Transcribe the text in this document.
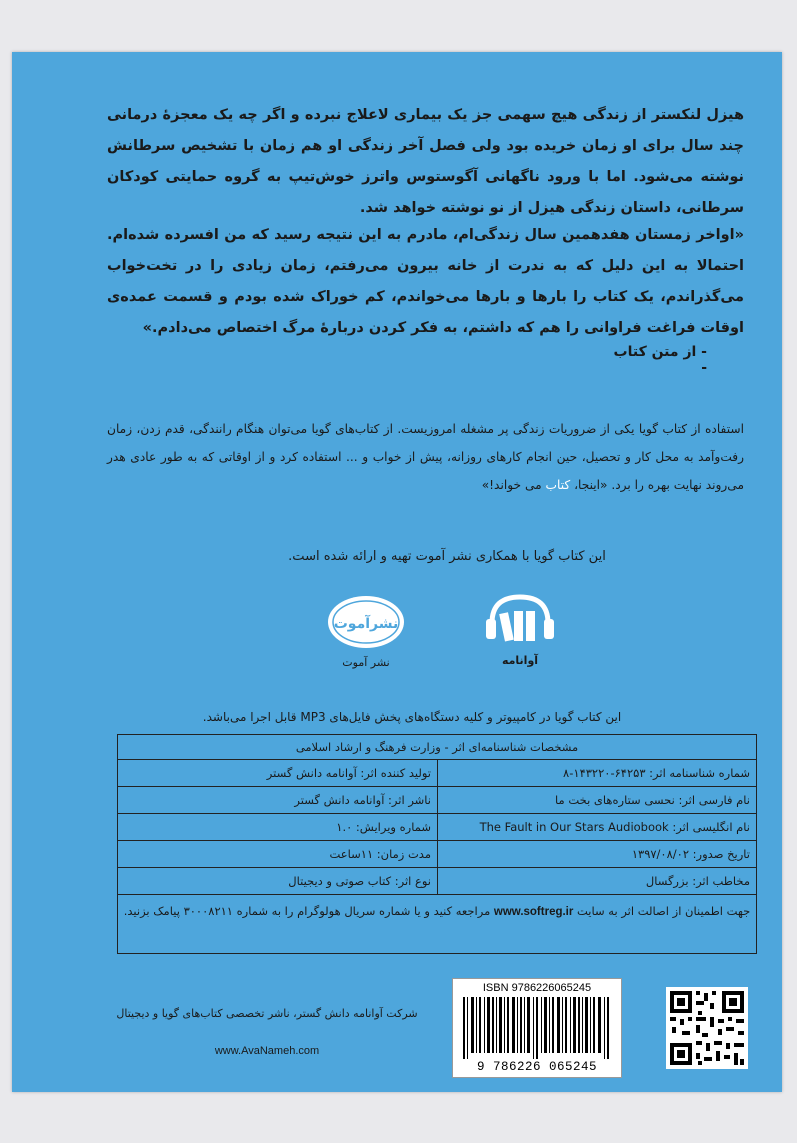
هیزل لنکستر از زندگی هیچ سهمی جز یک بیماری لاعلاج نبرده و اگر چه یک معجزهٔ درمانی چند سال برای او زمان خریده بود ولی فصل آخر زندگی او هم زمان با تشخیص سرطانش نوشته می‌شود. اما با ورود ناگهانی آگوستوس واترز خوش‌تیپ به گروه حمایتی کودکان سرطانی، داستان زندگی هیزل از نو نوشته خواهد شد.
«اواخر زمستان هفدهمین سال زندگی‌ام، مادرم به این نتیجه رسید که من افسرده شده‌ام. احتمالا به این دلیل که به ندرت از خانه بیرون می‌رفتم، زمان زیادی را در تخت‌خواب می‌گذراندم، یک کتاب را بارها و بارها می‌خواندم، کم خوراک شده بودم و قسمت عمده‌ی اوقات فراغت فراوانی را هم که داشتم، به فکر کردن دربارهٔ مرگ اختصاص می‌دادم.»
- از متن کتاب -
استفاده از کتاب گویا یکی از ضروریات زندگی پر مشغله امروزیست. از کتاب‌های گویا می‌توان هنگام رانندگی، قدم زدن، زمان رفت‌وآمد به محل کار و تحصیل، حین انجام کارهای روزانه، پیش از خواب و ... استفاده کرد و از اوقاتی که به طور عادی هدر می‌روند نهایت بهره را برد. «اینجا، کتاب می خواند!»
این کتاب گویا با همکاری نشر آموت تهیه و ارائه شده است.
آوانامه
نشرآموت
نشر آموت
این کتاب گویا در کامپیوتر و کلیه دستگاه‌های پخش فایل‌های MP3 قابل اجرا می‌باشد.
مشخصات شناسنامه‌ای اثر - وزارت فرهنگ و ارشاد اسلامی
شماره شناسنامه اثر: ۶۴۲۵۳-۱۴۳۲۲۰-۸
تولید کننده اثر: آوانامه دانش گستر
نام فارسی اثر: نحسی ستاره‌های بخت ما
ناشر اثر: آوانامه دانش گستر
نام انگلیسی اثر: The Fault in Our Stars Audiobook
شماره ویرایش: ۱.۰
تاریخ صدور: ۱۳۹۷/۰۸/۰۲
مدت زمان: ۱۱ساعت
مخاطب اثر: بزرگسال
نوع اثر: کتاب صوتی و دیجیتال
جهت اطمینان از اصالت اثر به سایت www.softreg.ir مراجعه کنید و یا شماره سریال هولوگرام را به شماره ۳۰۰۰۸۲۱۱ پیامک بزنید.
ISBN 9786226065245
9 786226 065245
شرکت آوانامه دانش گستر، ناشر تخصصی کتاب‌های گویا و دیجیتال
www.AvaNameh.com
